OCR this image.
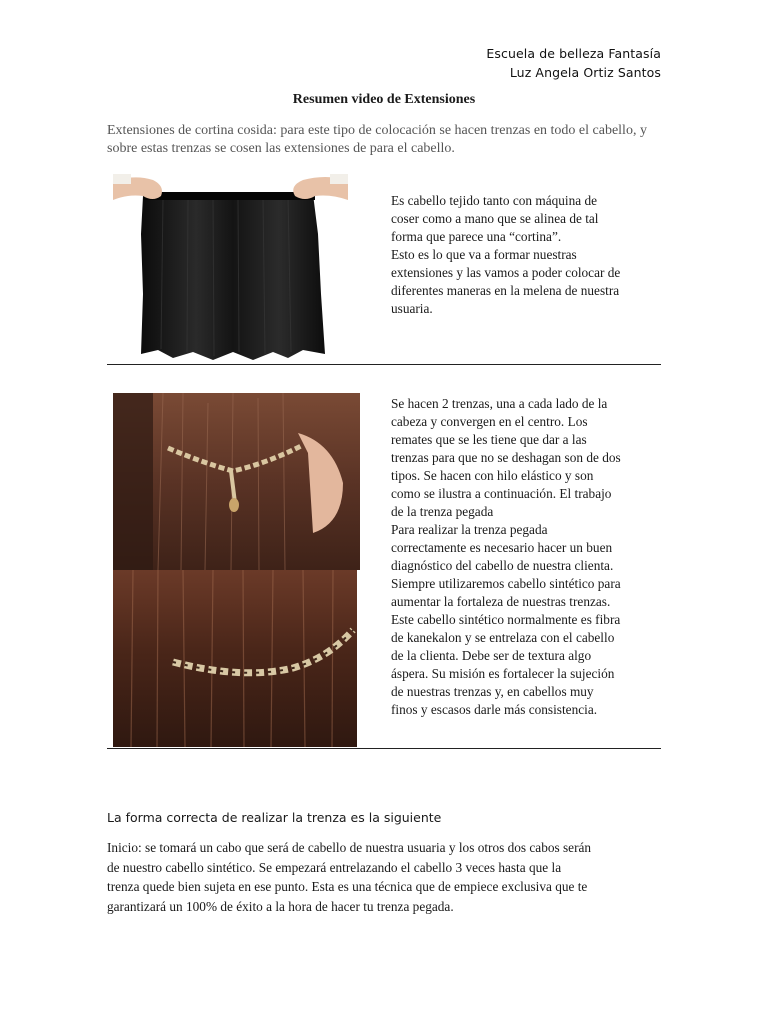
Escuela de belleza Fantasía
Luz Angela Ortiz Santos
Resumen video de Extensiones
Extensiones de cortina cosida: para este tipo de colocación se hacen trenzas en todo el cabello, y sobre estas trenzas se cosen las extensiones de para el cabello.
Es cabello tejido tanto con máquina de
coser como a mano que se alinea de tal
forma que parece una “cortina”.
Esto es lo que va a formar nuestras
extensiones y las vamos a poder colocar de
diferentes maneras en la melena de nuestra
usuaria.
Se hacen 2 trenzas, una a cada lado de la
cabeza y convergen en el centro. Los
remates que se les tiene que dar a las
trenzas para que no se deshagan son de dos
tipos. Se hacen con hilo elástico y son
como se ilustra a continuación. El trabajo
de la trenza pegada
Para realizar la trenza pegada
correctamente es necesario hacer un buen
diagnóstico del cabello de nuestra clienta.
Siempre utilizaremos cabello sintético para
aumentar la fortaleza de nuestras trenzas.
Este cabello sintético normalmente es fibra
de kanekalon y se entrelaza con el cabello
de la clienta. Debe ser de textura algo
áspera. Su misión es fortalecer la sujeción
de nuestras trenzas y, en cabellos muy
finos y escasos darle más consistencia.
La forma correcta de realizar la trenza es la siguiente
Inicio: se tomará un cabo que será de cabello de nuestra usuaria y los otros dos cabos serán
de nuestro cabello sintético. Se empezará entrelazando el cabello 3 veces hasta que la
trenza quede bien sujeta en ese punto. Esta es una técnica que de empiece exclusiva que te
garantizará un 100% de éxito a la hora de hacer tu trenza pegada.
